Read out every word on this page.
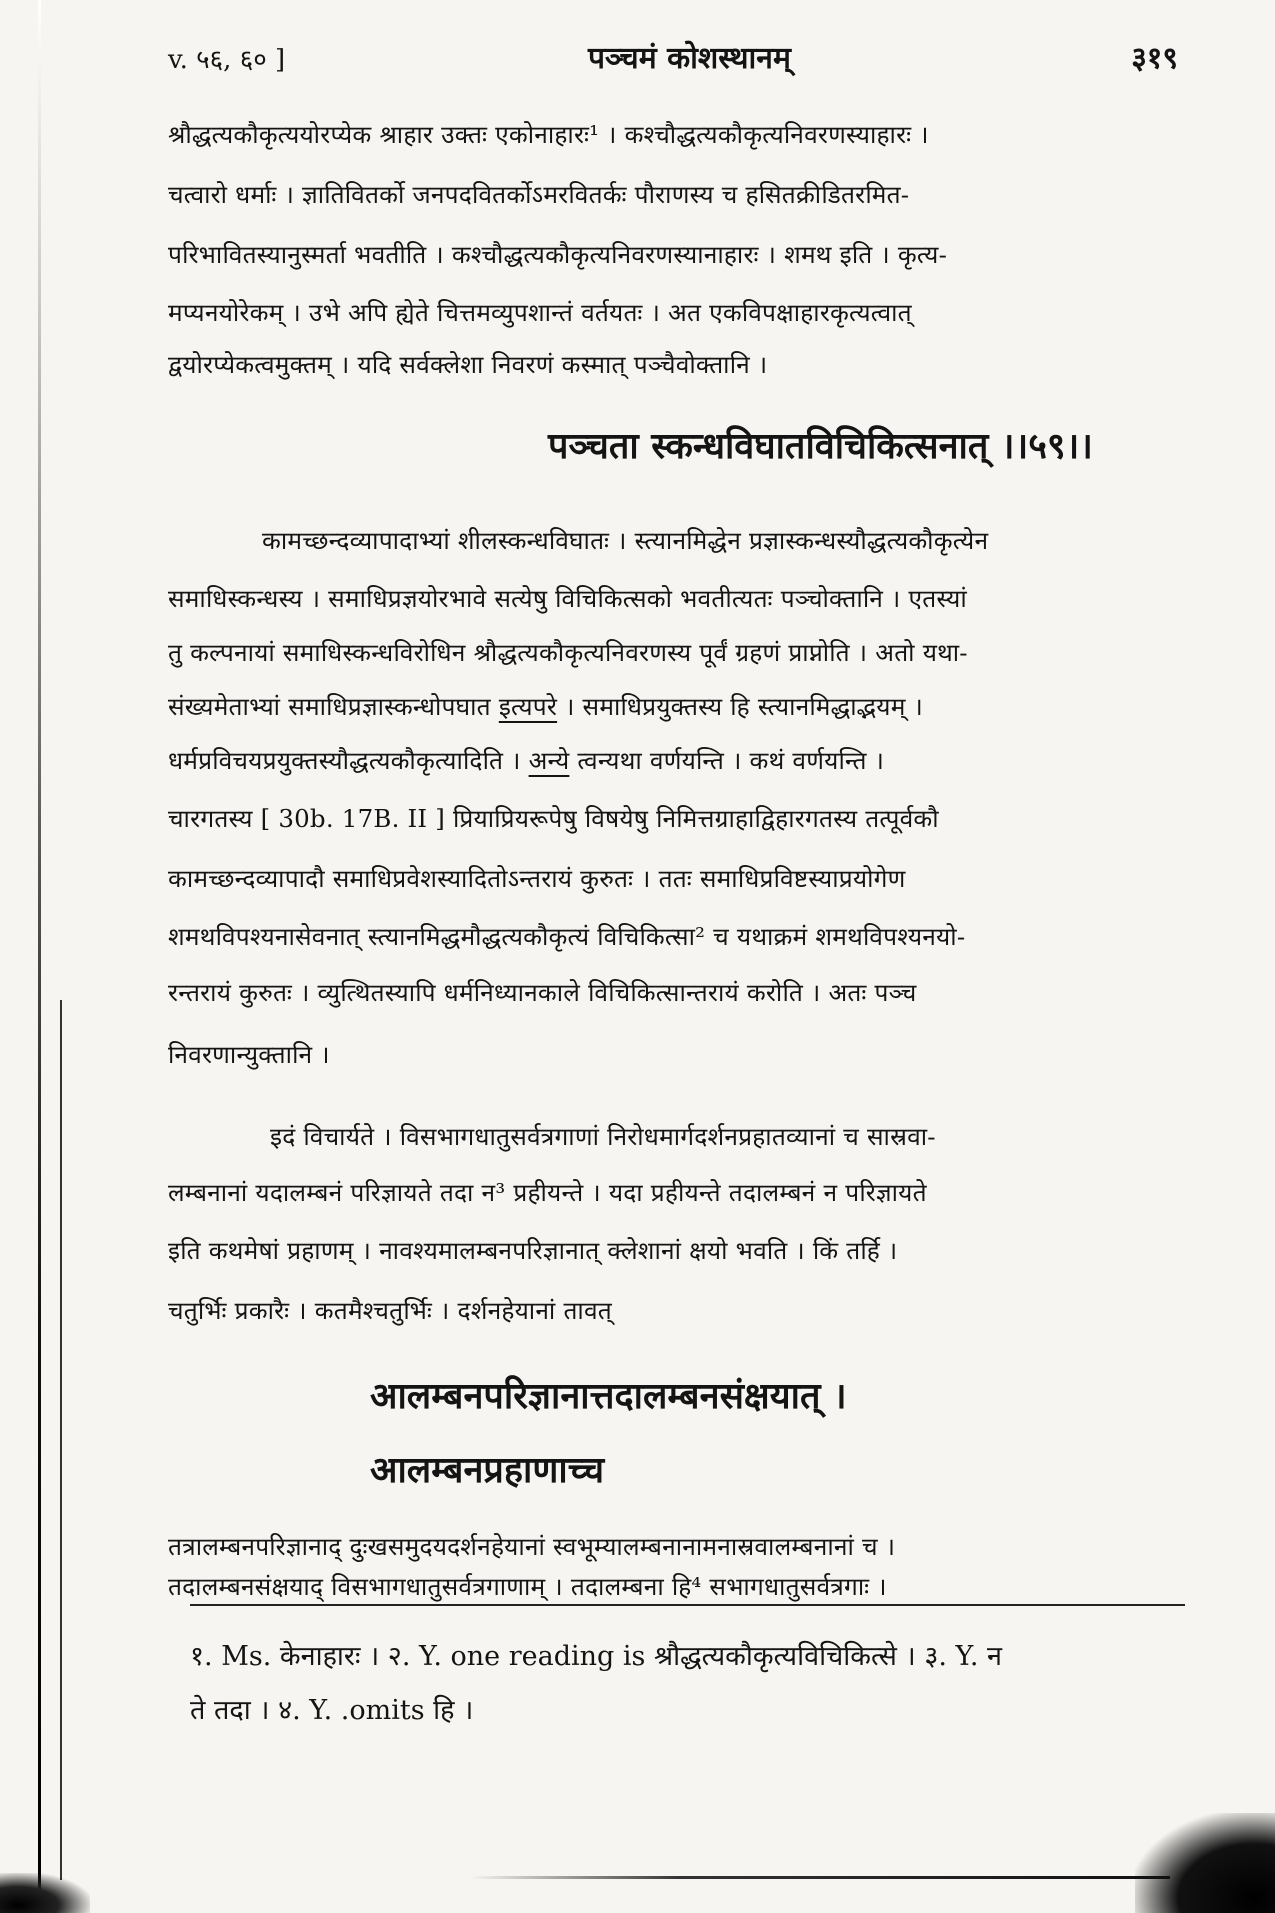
v. ५६, ६० ]	पञ्चमं कोशस्थानम्	३१९
श्रौद्धत्यकौकृत्ययोरप्येक श्राहार उक्तः एकोनाहारः¹ । कश्चौद्धत्यकौकृत्यनिवरणस्याहारः ।
चत्वारो धर्माः । ज्ञातिवितर्को जनपदवितर्कोऽमरवितर्कः पौराणस्य च हसितक्रीडितरमित-
परिभावितस्यानुस्मर्ता भवतीति । कश्चौद्धत्यकौकृत्यनिवरणस्यानाहारः । शमथ इति । कृत्य-
मप्यनयोरेकम् । उभे अपि ह्येते चित्तमव्युपशान्तं वर्तयतः । अत एकविपक्षाहारकृत्यत्वात्
द्वयोरप्येकत्वमुक्तम् । यदि सर्वक्लेशा निवरणं कस्मात् पञ्चैवोक्तानि ।
पञ्चता स्कन्धविघातविचिकित्सनात् ।।५९।।
कामच्छन्दव्यापादाभ्यां शीलस्कन्धविघातः । स्त्यानमिद्धेन प्रज्ञास्कन्धस्यौद्धत्यकौकृत्येन
समाधिस्कन्धस्य । समाधिप्रज्ञयोरभावे सत्येषु विचिकित्सको भवतीत्यतः पञ्चोक्तानि । एतस्यां
तु कल्पनायां समाधिस्कन्धविरोधिन श्रौद्धत्यकौकृत्यनिवरणस्य पूर्वं ग्रहणं प्राप्नोति । अतो यथा-
संख्यमेताभ्यां समाधिप्रज्ञास्कन्धोपघात इत्यपरे । समाधिप्रयुक्तस्य हि स्त्यानमिद्धाद्भयम् ।
धर्मप्रविचयप्रयुक्तस्यौद्धत्यकौकृत्यादिति । अन्ये त्वन्यथा वर्णयन्ति । कथं वर्णयन्ति ।
चारगतस्य [ 30b. 17B. II ] प्रियाप्रियरूपेषु विषयेषु निमित्तग्राहाद्विहारगतस्य तत्पूर्वकौ
कामच्छन्दव्यापादौ समाधिप्रवेशस्यादितोऽन्तरायं कुरुतः । ततः समाधिप्रविष्टस्याप्रयोगेण
शमथविपश्यनासेवनात् स्त्यानमिद्धमौद्धत्यकौकृत्यं विचिकित्सा² च यथाक्रमं शमथविपश्यनयो-
रन्तरायं कुरुतः । व्युत्थितस्यापि धर्मनिध्यानकाले विचिकित्सान्तरायं करोति । अतः पञ्च
निवरणान्युक्तानि ।
इदं विचार्यते । विसभागधातुसर्वत्रगाणां निरोधमार्गदर्शनप्रहातव्यानां च सास्रवा-
लम्बनानां यदालम्बनं परिज्ञायते तदा न³ प्रहीयन्ते । यदा प्रहीयन्ते तदालम्बनं न परिज्ञायते
इति कथमेषां प्रहाणम् । नावश्यमालम्बनपरिज्ञानात् क्लेशानां क्षयो भवति । किं तर्हि ।
चतुर्भिः प्रकारैः । कतमैश्चतुर्भिः । दर्शनहेयानां तावत्
आलम्बनपरिज्ञानात्तदालम्बनसंक्षयात् ।
आलम्बनप्रहाणाच्च
तत्रालम्बनपरिज्ञानाद् दुःखसमुदयदर्शनहेयानां स्वभूम्यालम्बनानामनास्रवालम्बनानां च ।
तदालम्बनसंक्षयाद् विसभागधातुसर्वत्रगाणाम् । तदालम्बना हि⁴ सभागधातुसर्वत्रगाः ।
१. Ms. केनाहारः । २. Y. one reading is श्रौद्धत्यकौकृत्यविचिकित्से । ३. Y. न
ते तदा । ४. Y. .omits हि ।
